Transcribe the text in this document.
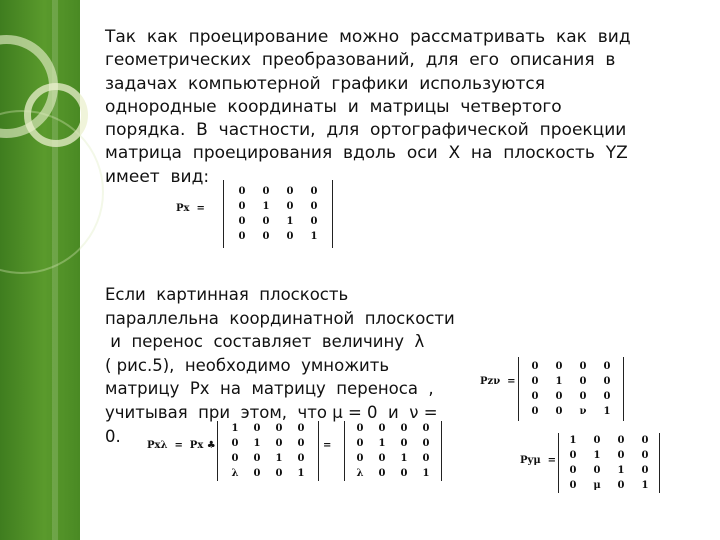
Так  как  проецирование  можно  рассматривать  как  вид
геометрических  преобразований,  для  его  описания  в
задачах  компьютерной  графики  используются
однородные  координаты  и  матрицы  четвертого
порядка.  В  частности,  для  ортографической  проекции
матрица  проецирования  вдоль  оси  X  на  плоскость  YZ
имеет  вид:
Px  =
0	0	0	0
0	1	0	0
0	0	1	0
0	0	0	1
Если  картинная  плоскость
параллельна  координатной  плоскости
и  перенос  составляет  величину  λ
( рис.5),  необходимо  умножить
матрицу  Px  на  матрицу  переноса  ,
учитывая  при  этом,  что μ = 0  и  ν =
0.
Pzν  =
0	0	0	0
0	1	0	0
0	0	0	0
0	0	ν	1
Pxλ  =  Px ♣
1	0	0	0
0	1	0	0
0	0	1	0
λ	0	0	1
=
0	0	0	0
0	1	0	0
0	0	1	0
λ	0	0	1
Pyμ  =
1	0	0	0
0	1	0	0
0	0	1	0
0	μ	0	1
